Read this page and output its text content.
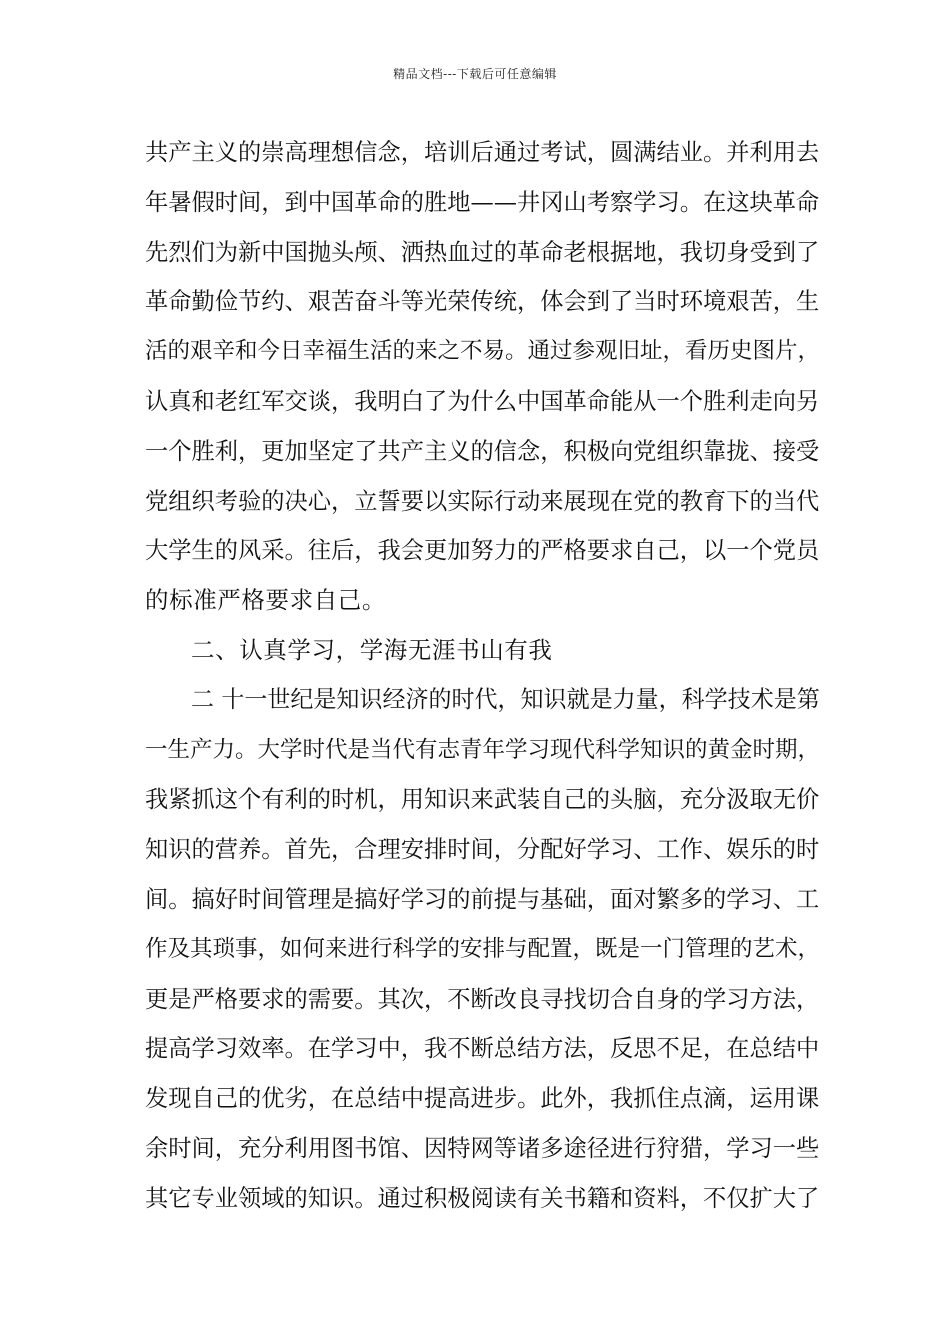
精品文档---下载后可任意编辑
共产主义的崇高理想信念，培训后通过考试，圆满结业。并利用去
年暑假时间，到中国革命的胜地——井冈山考察学习。在这块革命
先烈们为新中国抛头颅、洒热血过的革命老根据地，我切身受到了
革命勤俭节约、艰苦奋斗等光荣传统，体会到了当时环境艰苦，生
活的艰辛和今日幸福生活的来之不易。通过参观旧址，看历史图片，
认真和老红军交谈，我明白了为什么中国革命能从一个胜利走向另
一个胜利，更加坚定了共产主义的信念，积极向党组织靠拢、接受
党组织考验的决心，立誓要以实际行动来展现在党的教育下的当代
大学生的风采。往后，我会更加努力的严格要求自己，以一个党员
的标准严格要求自己。
二、认真学习，学海无涯书山有我
二 十一世纪是知识经济的时代，知识就是力量，科学技术是第
一生产力。大学时代是当代有志青年学习现代科学知识的黄金时期，
我紧抓这个有利的时机，用知识来武装自己的头脑，充分汲取无价
知识的营养。首先，合理安排时间，分配好学习、工作、娱乐的时
间。搞好时间管理是搞好学习的前提与基础，面对繁多的学习、工
作及其琐事，如何来进行科学的安排与配置，既是一门管理的艺术，
更是严格要求的需要。其次，不断改良寻找切合自身的学习方法，
提高学习效率。在学习中，我不断总结方法，反思不足，在总结中
发现自己的优劣，在总结中提高进步。此外，我抓住点滴，运用课
余时间，充分利用图书馆、因特网等诸多途径进行狩猎，学习一些
其它专业领域的知识。通过积极阅读有关书籍和资料，不仅扩大了
